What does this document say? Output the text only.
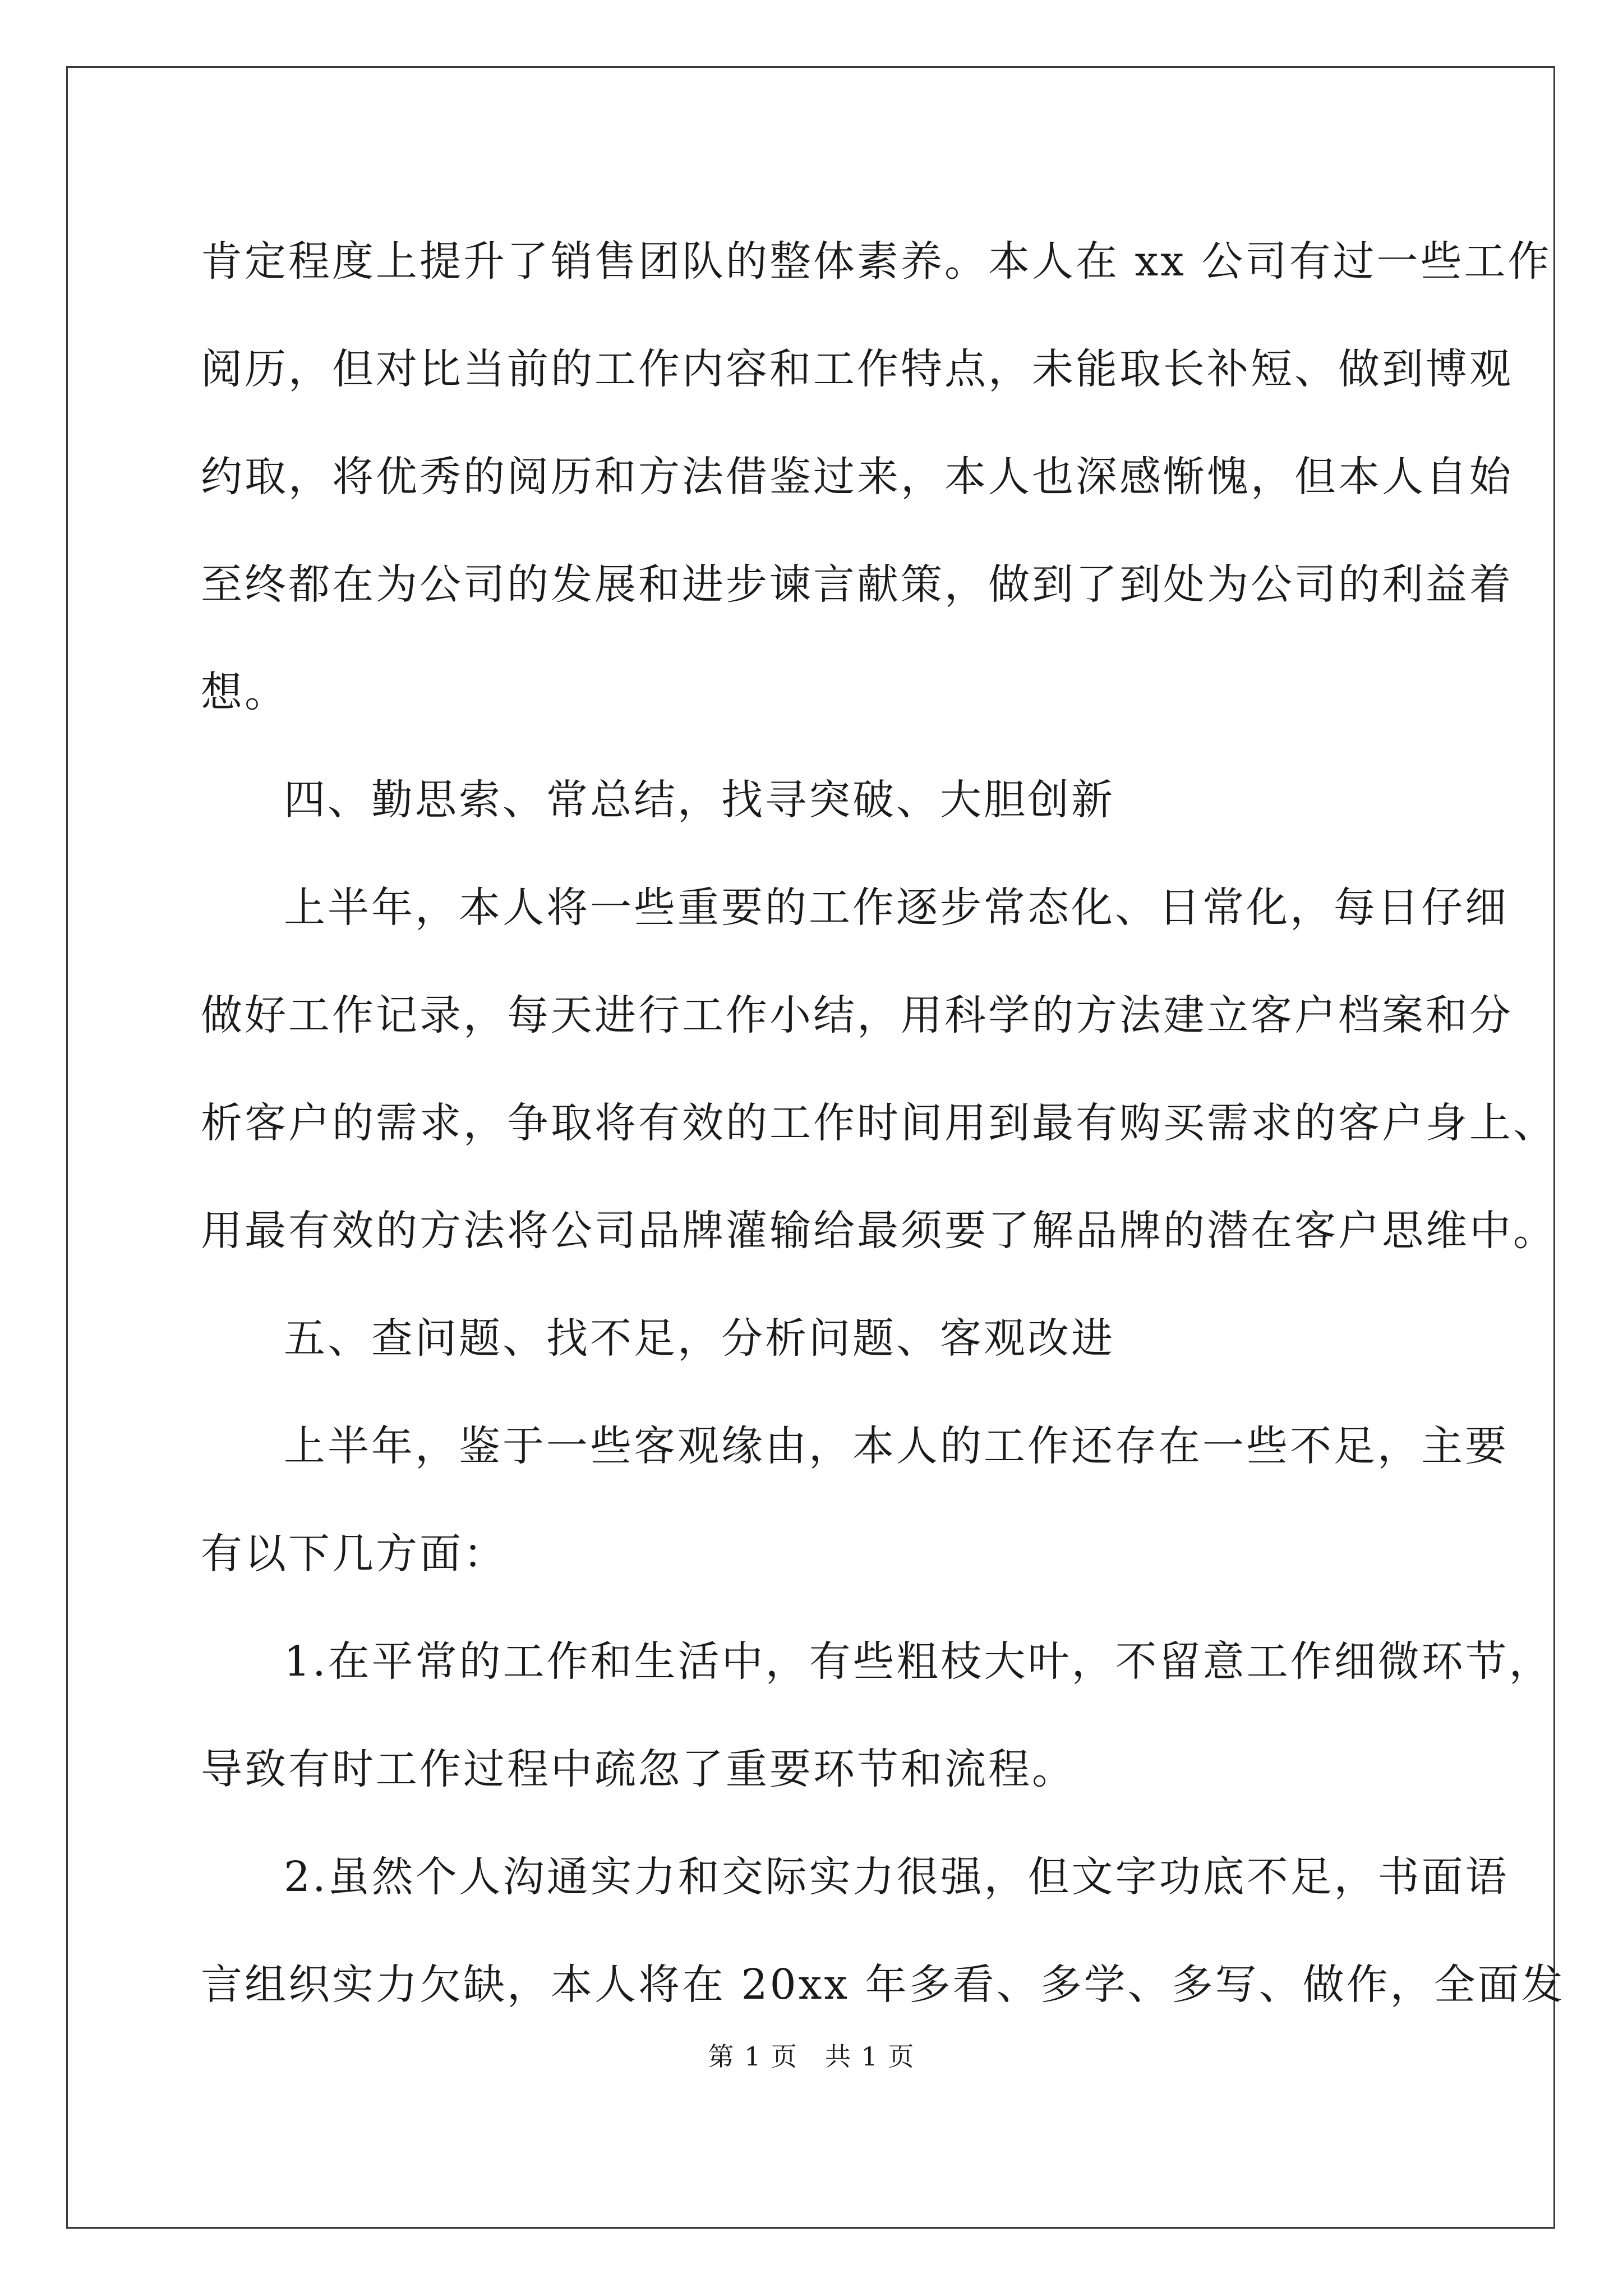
肯定程度上提升了销售团队的整体素养。本人在 xx 公司有过一些工作

阅历，但对比当前的工作内容和工作特点，未能取长补短、做到博观

约取，将优秀的阅历和方法借鉴过来，本人也深感惭愧，但本人自始

至终都在为公司的发展和进步谏言献策，做到了到处为公司的利益着

想。

四、勤思索、常总结，找寻突破、大胆创新

上半年，本人将一些重要的工作逐步常态化、日常化，每日仔细

做好工作记录，每天进行工作小结，用科学的方法建立客户档案和分

析客户的需求，争取将有效的工作时间用到最有购买需求的客户身上、

用最有效的方法将公司品牌灌输给最须要了解品牌的潜在客户思维中。

五、查问题、找不足，分析问题、客观改进

上半年，鉴于一些客观缘由，本人的工作还存在一些不足，主要

有以下几方面：

1.在平常的工作和生活中，有些粗枝大叶，不留意工作细微环节，

导致有时工作过程中疏忽了重要环节和流程。

2.虽然个人沟通实力和交际实力很强，但文字功底不足，书面语

言组织实力欠缺，本人将在 20xx 年多看、多学、多写、做作，全面发

第 1 页　共 1 页
